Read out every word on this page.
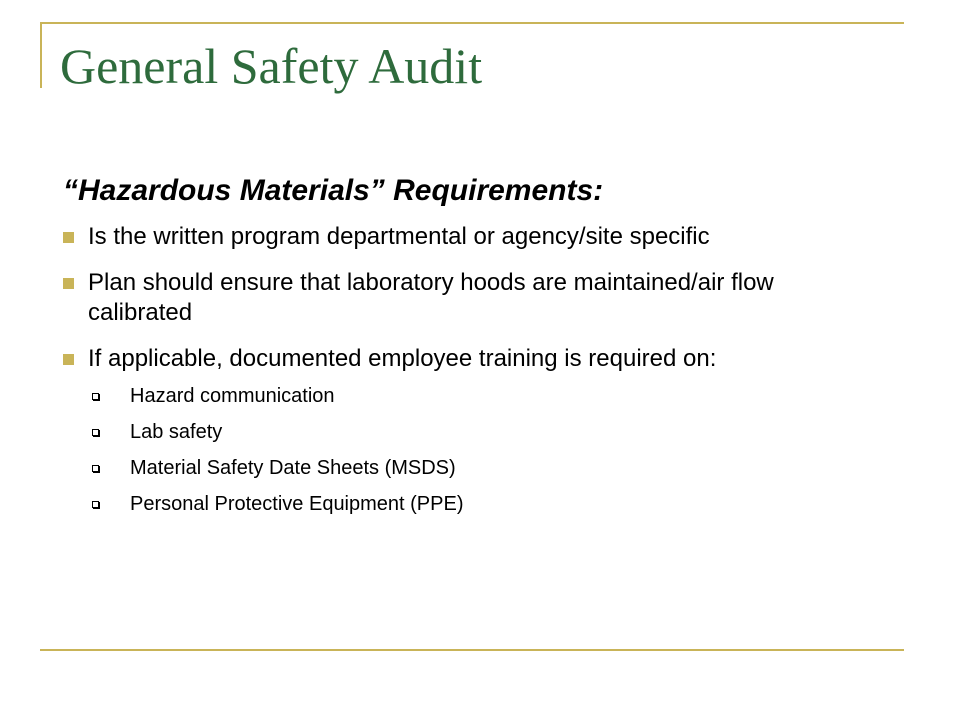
General Safety Audit
“Hazardous Materials” Requirements:
Is the written program departmental or agency/site specific
Plan should ensure that laboratory hoods are maintained/air flow calibrated
If applicable, documented employee training is required on:
Hazard communication
Lab safety
Material Safety Date Sheets (MSDS)
Personal Protective Equipment (PPE)
